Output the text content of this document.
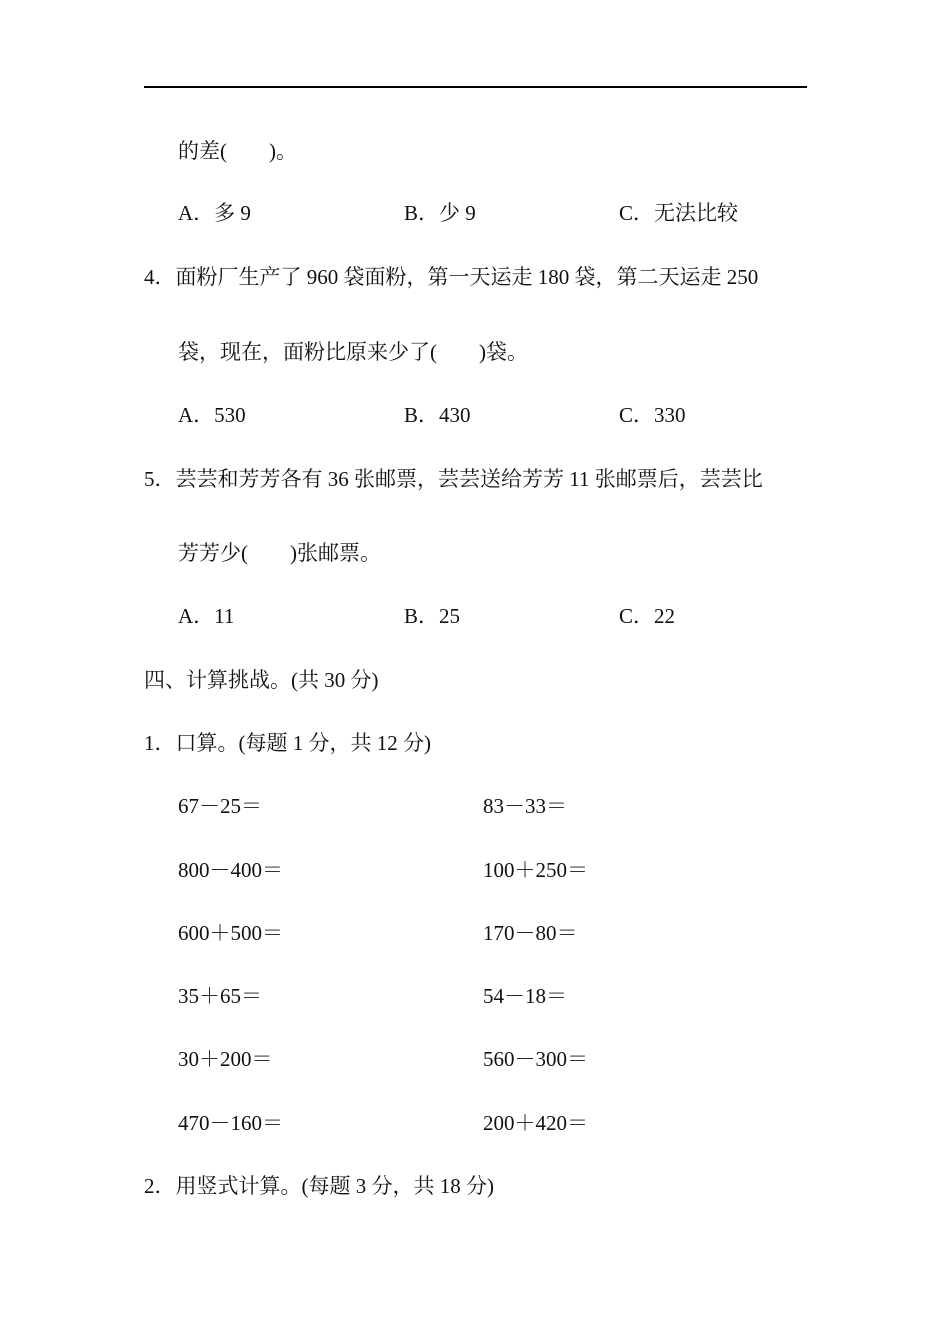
的差(　　)。
A．多 9	B．少 9	C．无法比较
4．面粉厂生产了 960 袋面粉，第一天运走 180 袋，第二天运走 250
袋，现在，面粉比原来少了(　　)袋。
A．530	B．430	C．330
5．芸芸和芳芳各有 36 张邮票，芸芸送给芳芳 11 张邮票后，芸芸比
芳芳少(　　)张邮票。
A．11	B．25	C．22
四、计算挑战。(共 30 分)
1．口算。(每题 1 分，共 12 分)
67－25＝	83－33＝
800－400＝	100＋250＝
600＋500＝	170－80＝
35＋65＝	54－18＝
30＋200＝	560－300＝
470－160＝	200＋420＝
2．用竖式计算。(每题 3 分，共 18 分)
